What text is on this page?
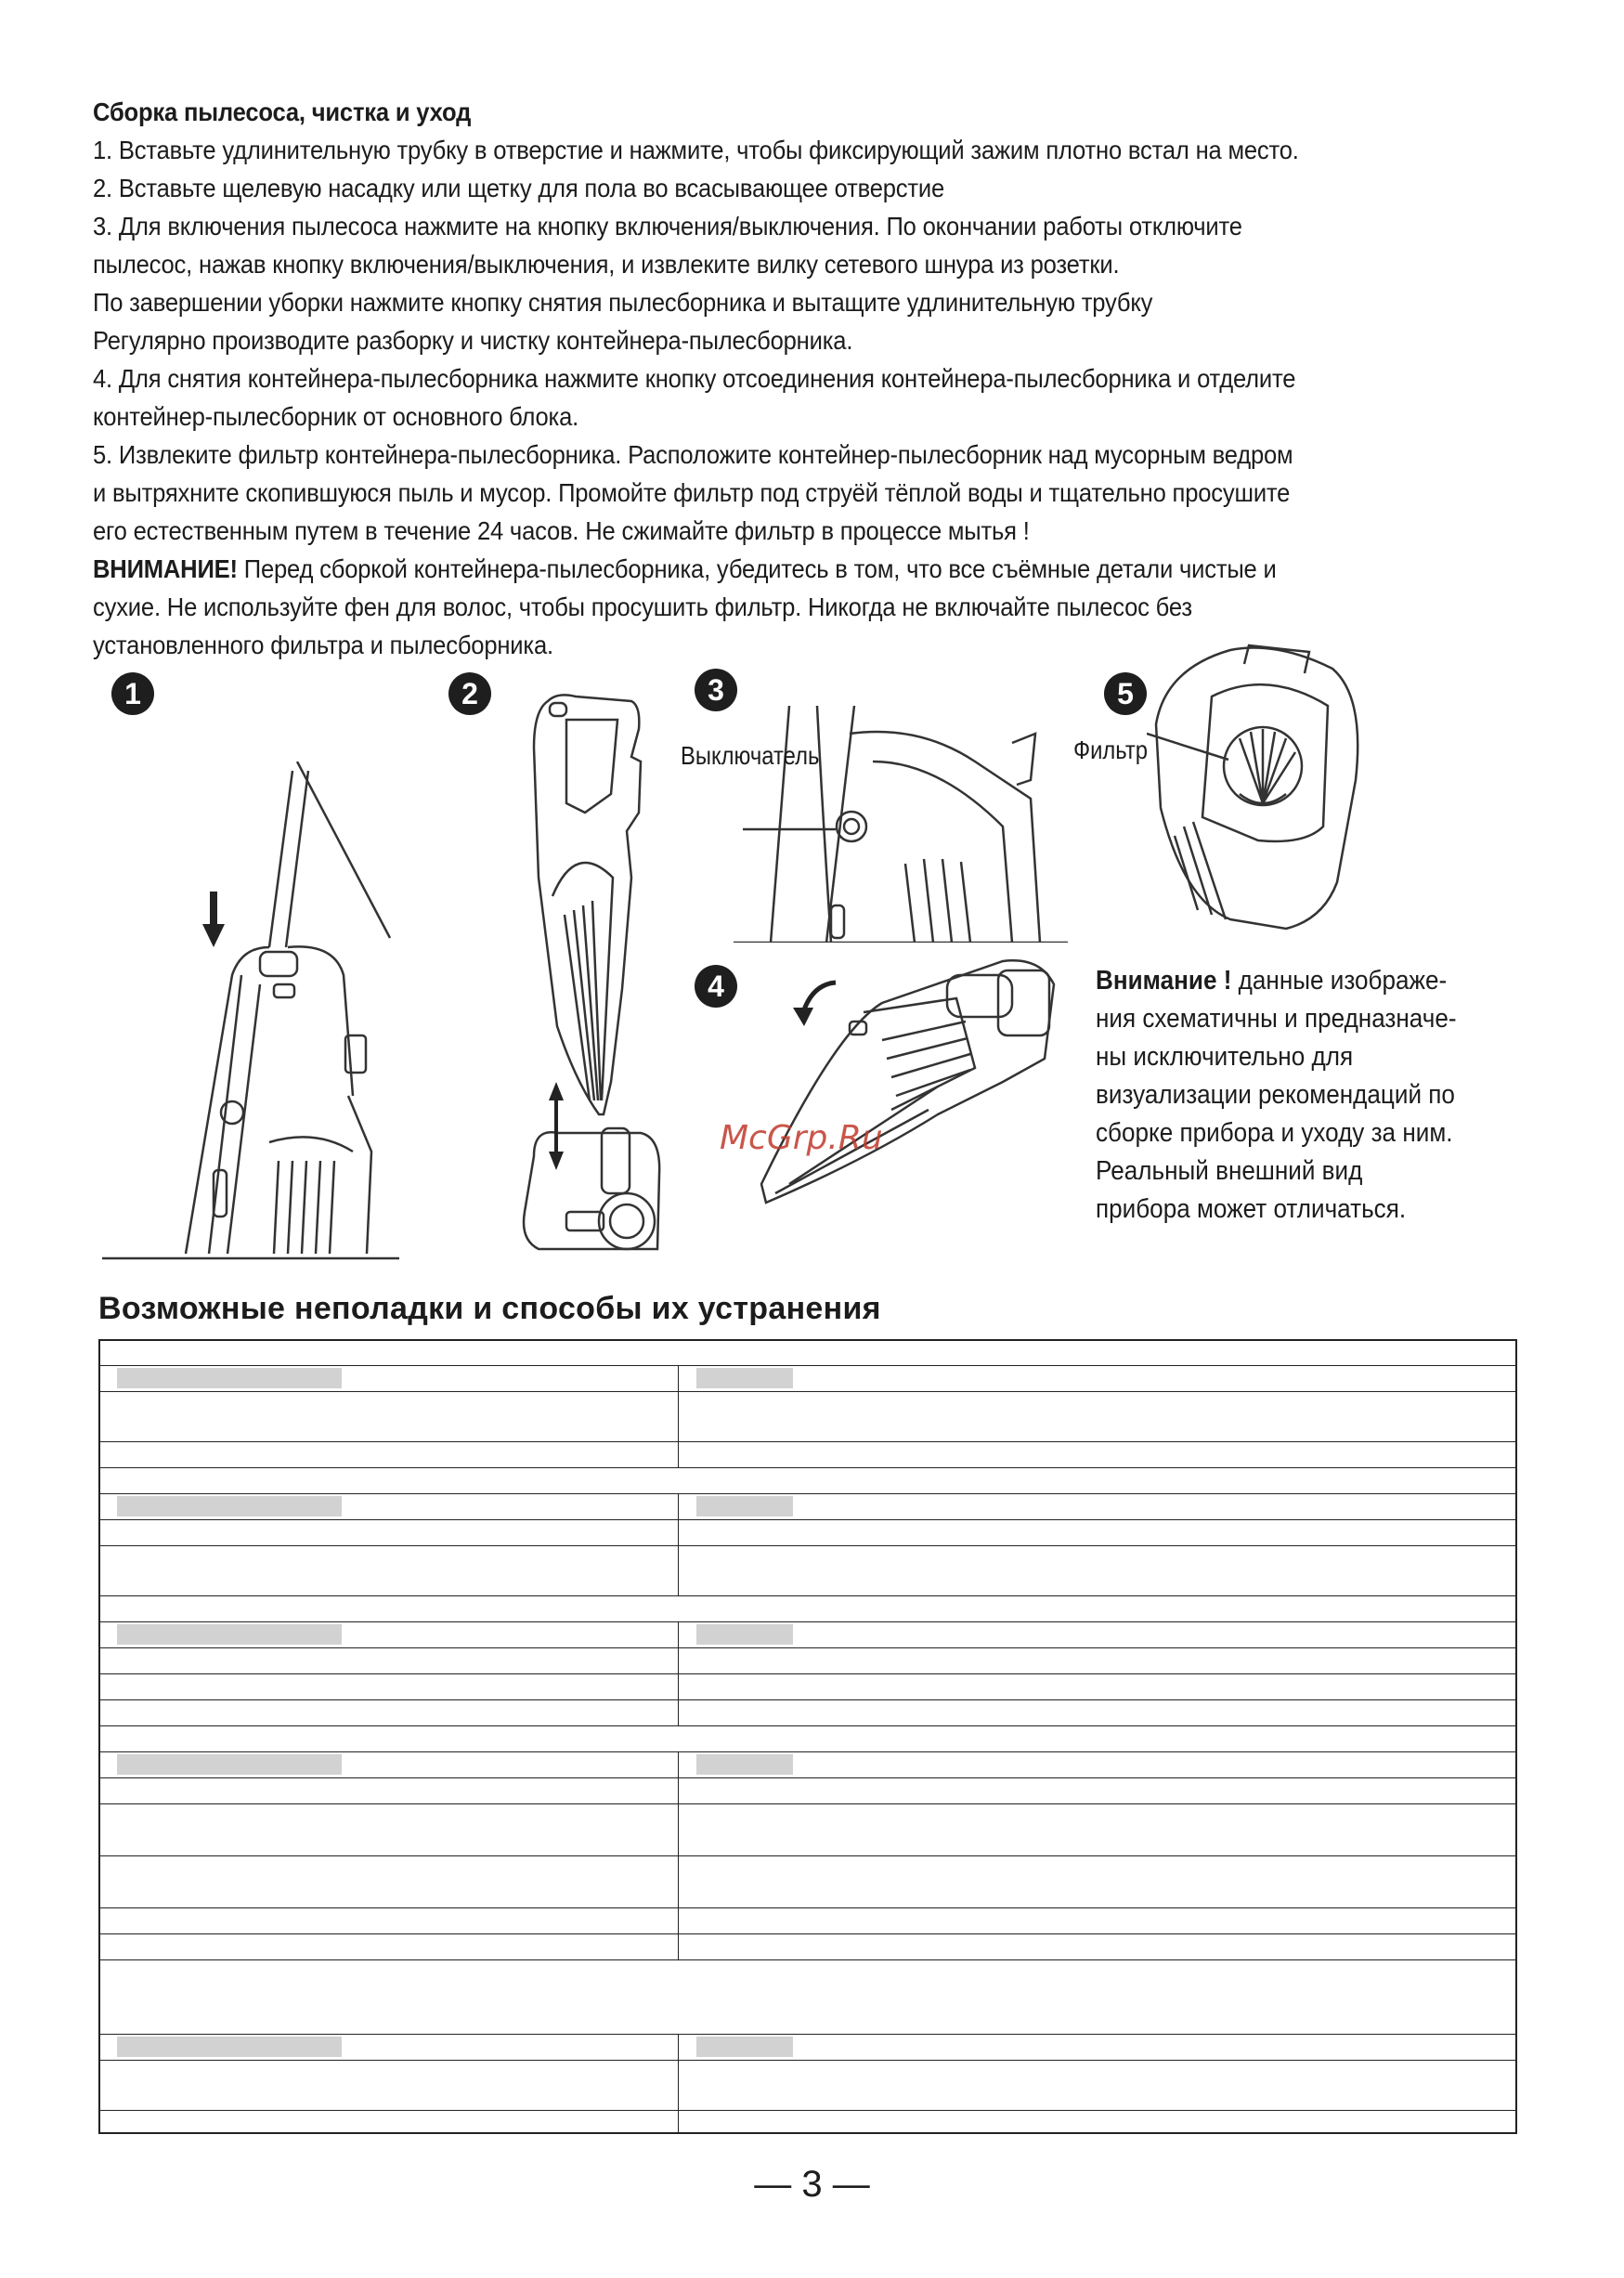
Сборка пылесоса, чистка и уход

1. Вставьте удлинительную трубку в отверстие и нажмите, чтобы фиксирующий зажим плотно встал на место.

2. Вставьте щелевую насадку или щетку для пола во всасывающее отверстие

3. Для включения пылесоса нажмите на кнопку включения/выключения. По окончании работы отключите

пылесос, нажав кнопку включения/выключения, и извлеките вилку сетевого шнура из розетки.

По завершении уборки нажмите кнопку снятия пылесборника и вытащите удлинительную трубку

Регулярно производите разборку и чистку контейнера-пылесборника.

4. Для снятия контейнера-пылесборника нажмите кнопку отсоединения контейнера-пылесборника и отделите

контейнер-пылесборник от основного блока.

5. Извлеките фильтр контейнера-пылесборника. Расположите контейнер-пылесборник над мусорным ведром

и вытряхните скопившуюся пыль и мусор. Промойте фильтр под струёй тёплой воды и тщательно просушите

его естественным путем в течение 24 часов. Не сжимайте фильтр в процессе мытья !

ВНИМАНИЕ! Перед сборкой контейнера-пылесборника, убедитесь в том, что все съёмные детали чистые и

сухие. Не используйте фен для волос, чтобы просушить фильтр. Никогда не включайте пылесос без

установленного фильтра и пылесборника.

1	2	3	5
4
Выключатель	Фильтр
McGrp.Ru
Внимание ! данные изображе-
ния схематичны и предназначе-
ны исключительно для
визуализации рекомендаций по
сборке прибора и уходу за ним.
Реальный внешний вид
прибора может отличаться.
Возможные неполадки и способы их устранения
— 3 —
